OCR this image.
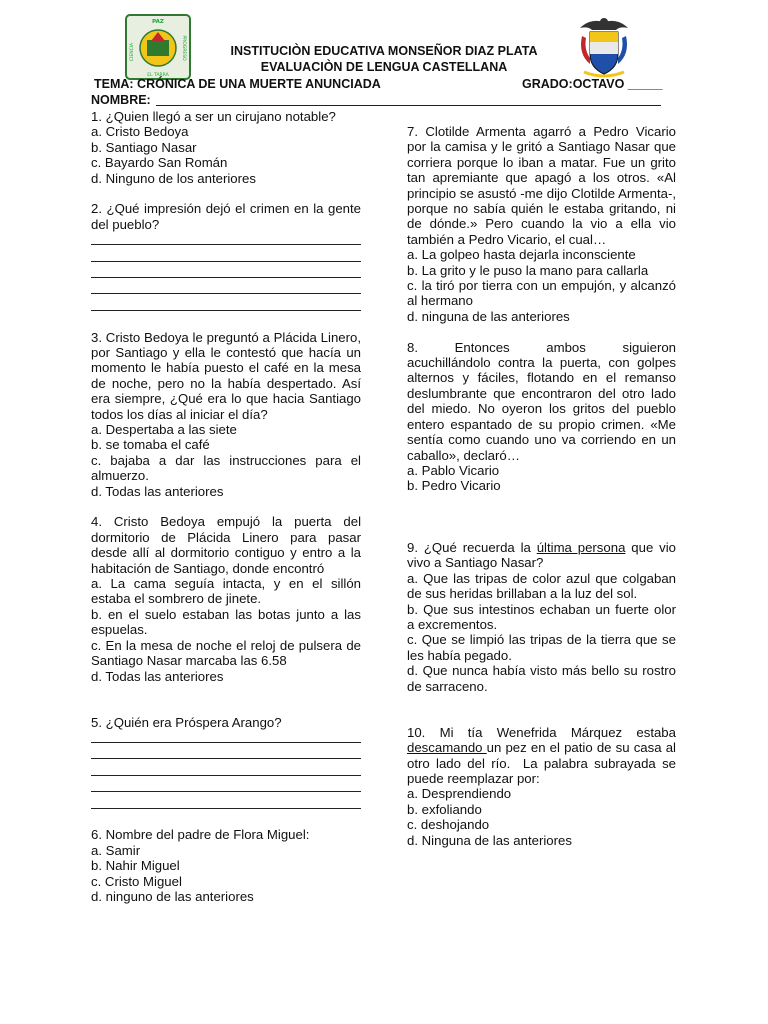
PAZ
CIENCIA	PROGRESO
EL TARRA
INSTITUCIÒN EDUCATIVA MONSEÑOR DIAZ PLATA
EVALUACIÒN DE LENGUA CASTELLANA
TEMA: CRÓNICA DE UNA MUERTE ANUNCIADA	GRADO:OCTAVO _____
NOMBRE:

1. ¿Quien llegó a ser un cirujano notable?

a. Cristo Bedoya

b. Santiago Nasar

c. Bayardo San Román

d. Ninguno de los anteriores

2. ¿Qué impresión dejó el crimen en la gente del pueblo?

3. Cristo Bedoya le preguntó a Plácida Linero, por Santiago y ella le contestó que hacía un momento le había puesto el café en la mesa de noche, pero no la había despertado. Así era siempre, ¿Qué era lo que hacia Santiago todos los días al iniciar el día?

a. Despertaba a las siete

b. se tomaba el café

c. bajaba a dar las instrucciones para el almuerzo.

d. Todas las anteriores

4. Cristo Bedoya empujó la puerta del dormitorio de Plácida Linero para pasar desde allí al dormitorio contiguo y entro a la habitación de Santiago, donde encontró

a. La cama seguía intacta, y en el sillón estaba el sombrero de jinete.

b. en el suelo estaban las botas junto a las espuelas.

c. En la mesa de noche el reloj de pulsera de Santiago Nasar marcaba las 6.58

d. Todas las anteriores

5. ¿Quién era Próspera Arango?

6. Nombre del padre de Flora Miguel:

a. Samir

b. Nahir Miguel

c. Cristo Miguel

d. ninguno de las anteriores

7. Clotilde Armenta agarró a Pedro Vicario por la camisa y le gritó a Santiago Nasar que corriera porque lo iban a matar. Fue un grito tan apremiante que apagó a los otros. «Al principio se asustó -me dijo Clotilde Armenta-, porque no sabía quién le estaba gritando, ni de dónde.» Pero cuando la vio a ella vio también a Pedro Vicario, el cual…

a. La golpeo hasta dejarla inconsciente

b. La grito y le puso la mano para callarla

c. la tiró por tierra con un empujón, y alcanzó al hermano

d. ninguna de las anteriores

8.      Entonces      ambos      siguieron acuchillándolo contra la puerta, con golpes alternos y fáciles, flotando en el remanso deslumbrante que encontraron del otro lado del miedo. No oyeron los gritos del pueblo entero espantado de su propio crimen. «Me sentía como cuando uno va corriendo en un caballo», declaró…

a. Pablo Vicario

b. Pedro Vicario

9. ¿Qué recuerda la última persona que vio vivo a Santiago Nasar?

a. Que las tripas de color azul que colgaban de sus heridas brillaban a la luz del sol.

b. Que sus intestinos echaban un fuerte olor a excrementos.

c. Que se limpió las tripas de la tierra que se les había pegado.

d. Que nunca había visto más bello su rostro de sarraceno.

10. Mi tía Wenefrida Márquez estaba descamando un pez en el patio de su casa al otro lado del río.  La palabra subrayada se puede reemplazar por:

a. Desprendiendo

b. exfoliando

c. deshojando

d. Ninguna de las anteriores
